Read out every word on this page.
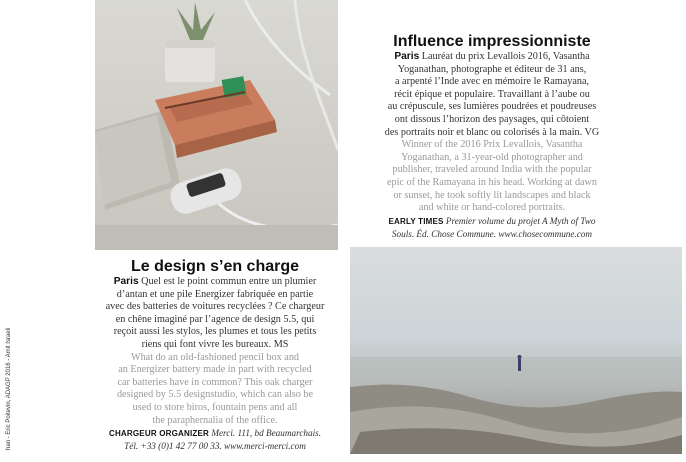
han - Eric Poitevin, ADAGP 2016 - Amit Israeli
Le design s’en charge

Paris Quel est le point commun entre un plumier
d’antan et une pile Energizer fabriquée en partie
avec des batteries de voitures recyclées ? Ce chargeur
en chêne imaginé par l’agence de design 5.5, qui
reçoit aussi les stylos, les plumes et tous les petits
riens qui font vivre les bureaux. MS

What do an old-fashioned pencil box and
an Energizer battery made in part with recycled
car batteries have in common? This oak charger
designed by 5.5 designstudio, which can also be
used to store biros, fountain pens and all
the paraphernalia of the office.

CHARGEUR ORGANIZER Merci. 111, bd Beaumarchais.
Tél. +33 (0)1 42 77 00 33. www.merci-merci.com

Influence impressionniste

Paris Lauréat du prix Levallois 2016, Vasantha
Yoganathan, photographe et éditeur de 31 ans,
a arpenté l’Inde avec en mémoire le Ramayana,
récit épique et populaire. Travaillant à l’aube ou
au crépuscule, ses lumières poudrées et poudreuses
ont dissous l’horizon des paysages, qui côtoient
des portraits noir et blanc ou colorisés à la main. VG

Winner of the 2016 Prix Levallois, Vasantha
Yoganathan, a 31-year-old photographer and
publisher, traveled around India with the popular
epic of the Ramayana in his head. Working at dawn
or sunset, he took softly lit landscapes and black
and white or hand-colored portraits.

EARLY TIMES Premier volume du projet A Myth of Two
Souls. Éd. Chose Commune. www.chosecommune.com
